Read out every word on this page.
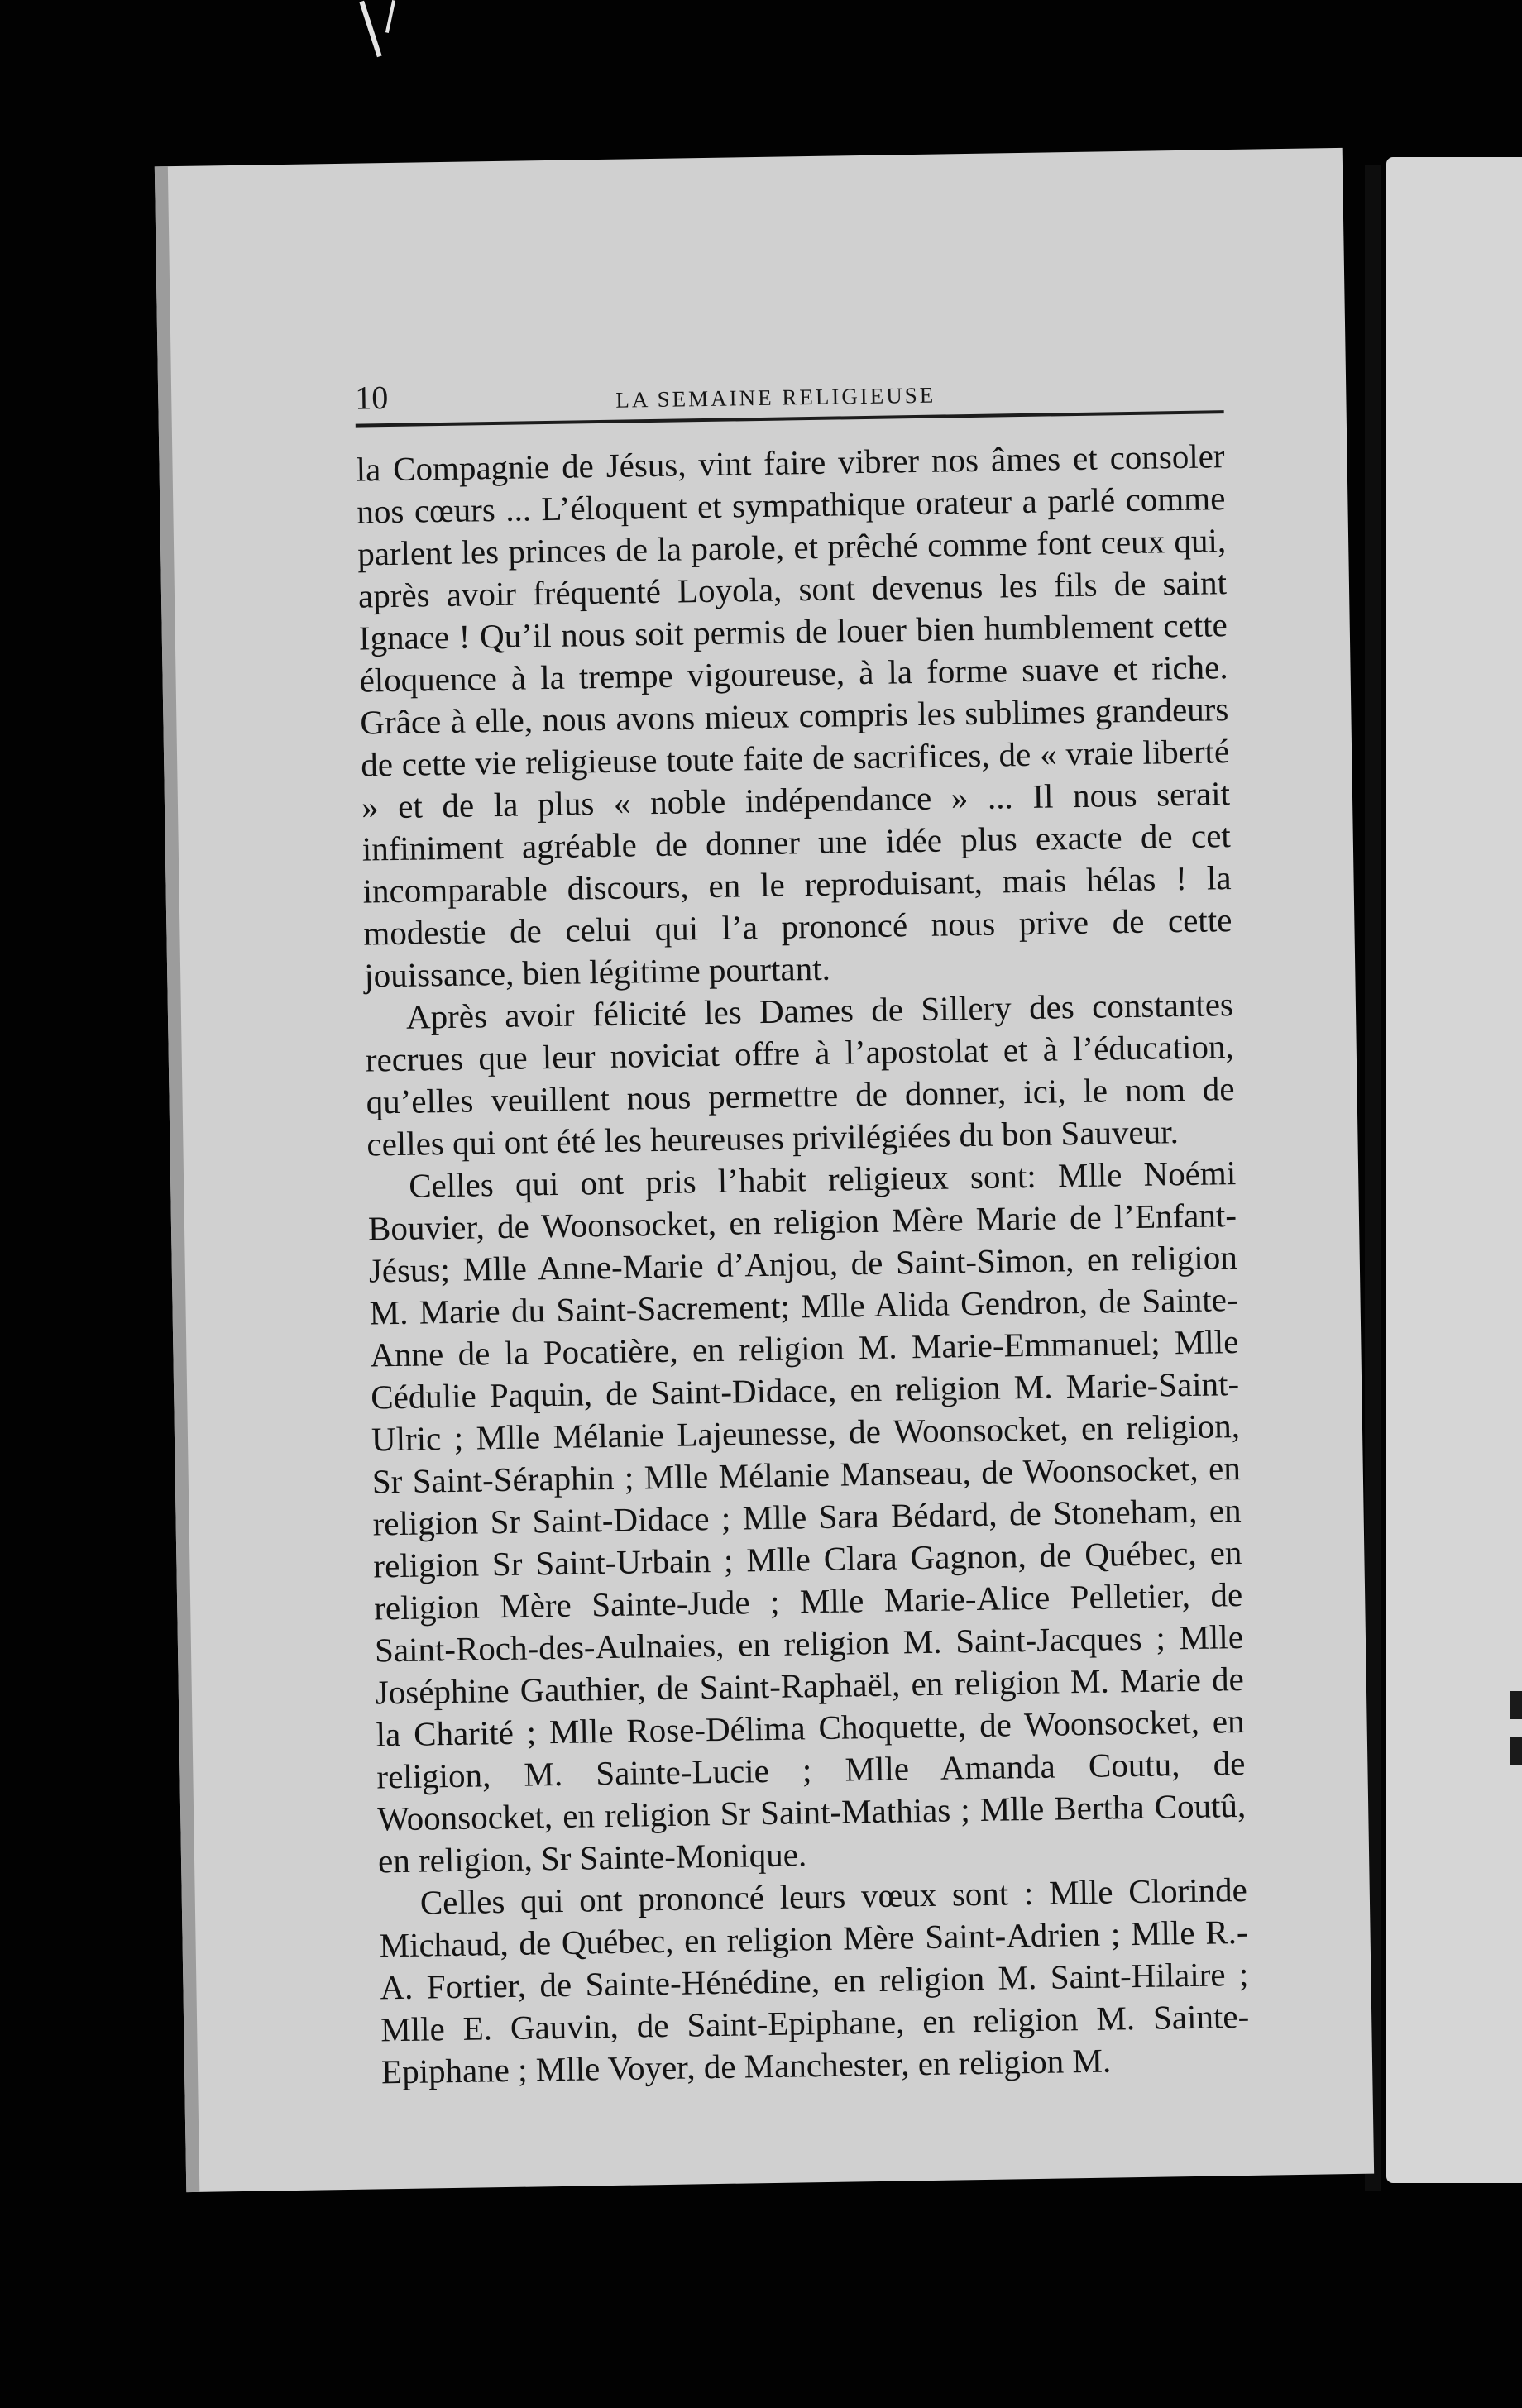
10	LA SEMAINE RELIGIEUSE

la Compagnie de Jésus, vint faire vibrer nos âmes et consoler nos cœurs ... L’éloquent et sympathique orateur a parlé comme parlent les princes de la parole, et prêché comme font ceux qui, après avoir fréquenté Loyola, sont devenus les fils de saint Ignace ! Qu’il nous soit permis de louer bien humblement cette éloquence à la trempe vigoureuse, à la forme suave et riche. Grâce à elle, nous avons mieux compris les sublimes grandeurs de cette vie religieuse toute faite de sacrifices, de « vraie liberté » et de la plus « noble indépendance » ... Il nous serait infiniment agréable de donner une idée plus exacte de cet incomparable discours, en le reproduisant, mais hélas ! la modestie de celui qui l’a prononcé nous prive de cette jouissance, bien légitime pourtant.

Après avoir félicité les Dames de Sillery des constantes recrues que leur noviciat offre à l’apostolat et à l’éducation, qu’elles veuillent nous permettre de donner, ici, le nom de celles qui ont été les heureuses privilégiées du bon Sauveur.

Celles qui ont pris l’habit religieux sont: Mlle Noémi Bouvier, de Woonsocket, en religion Mère Marie de l’Enfant-Jésus; Mlle Anne-Marie d’Anjou, de Saint-Simon, en religion M. Marie du Saint-Sacrement; Mlle Alida Gendron, de Sainte-Anne de la Pocatière, en religion M. Marie-Emmanuel; Mlle Cédulie Paquin, de Saint-Didace, en religion M. Marie-Saint-Ulric ; Mlle Mélanie Lajeunesse, de Woonsocket, en religion, Sr Saint-Séraphin ; Mlle Mélanie Manseau, de Woonsocket, en religion Sr Saint-Didace ; Mlle Sara Bédard, de Stoneham, en religion Sr Saint-Urbain ; Mlle Clara Gagnon, de Québec, en religion Mère Sainte-Jude ; Mlle Marie-Alice Pelletier, de Saint-Roch-des-Aulnaies, en religion M. Saint-Jacques ; Mlle Joséphine Gauthier, de Saint-Raphaël, en religion M. Marie de la Charité ; Mlle Rose-Délima Choquette, de Woonsocket, en religion, M. Sainte-Lucie ; Mlle Amanda Coutu, de Woonsocket, en religion Sr Saint-Mathias ; Mlle Bertha Coutû, en religion, Sr Sainte-Monique.

Celles qui ont prononcé leurs vœux sont : Mlle Clorinde Michaud, de Québec, en religion Mère Saint-Adrien ; Mlle R.-A. Fortier, de Sainte-Hénédine, en religion M. Saint-Hilaire ; Mlle E. Gauvin, de Saint-Epiphane, en religion M. Sainte-Epiphane ; Mlle Voyer, de Manchester, en religion M.
